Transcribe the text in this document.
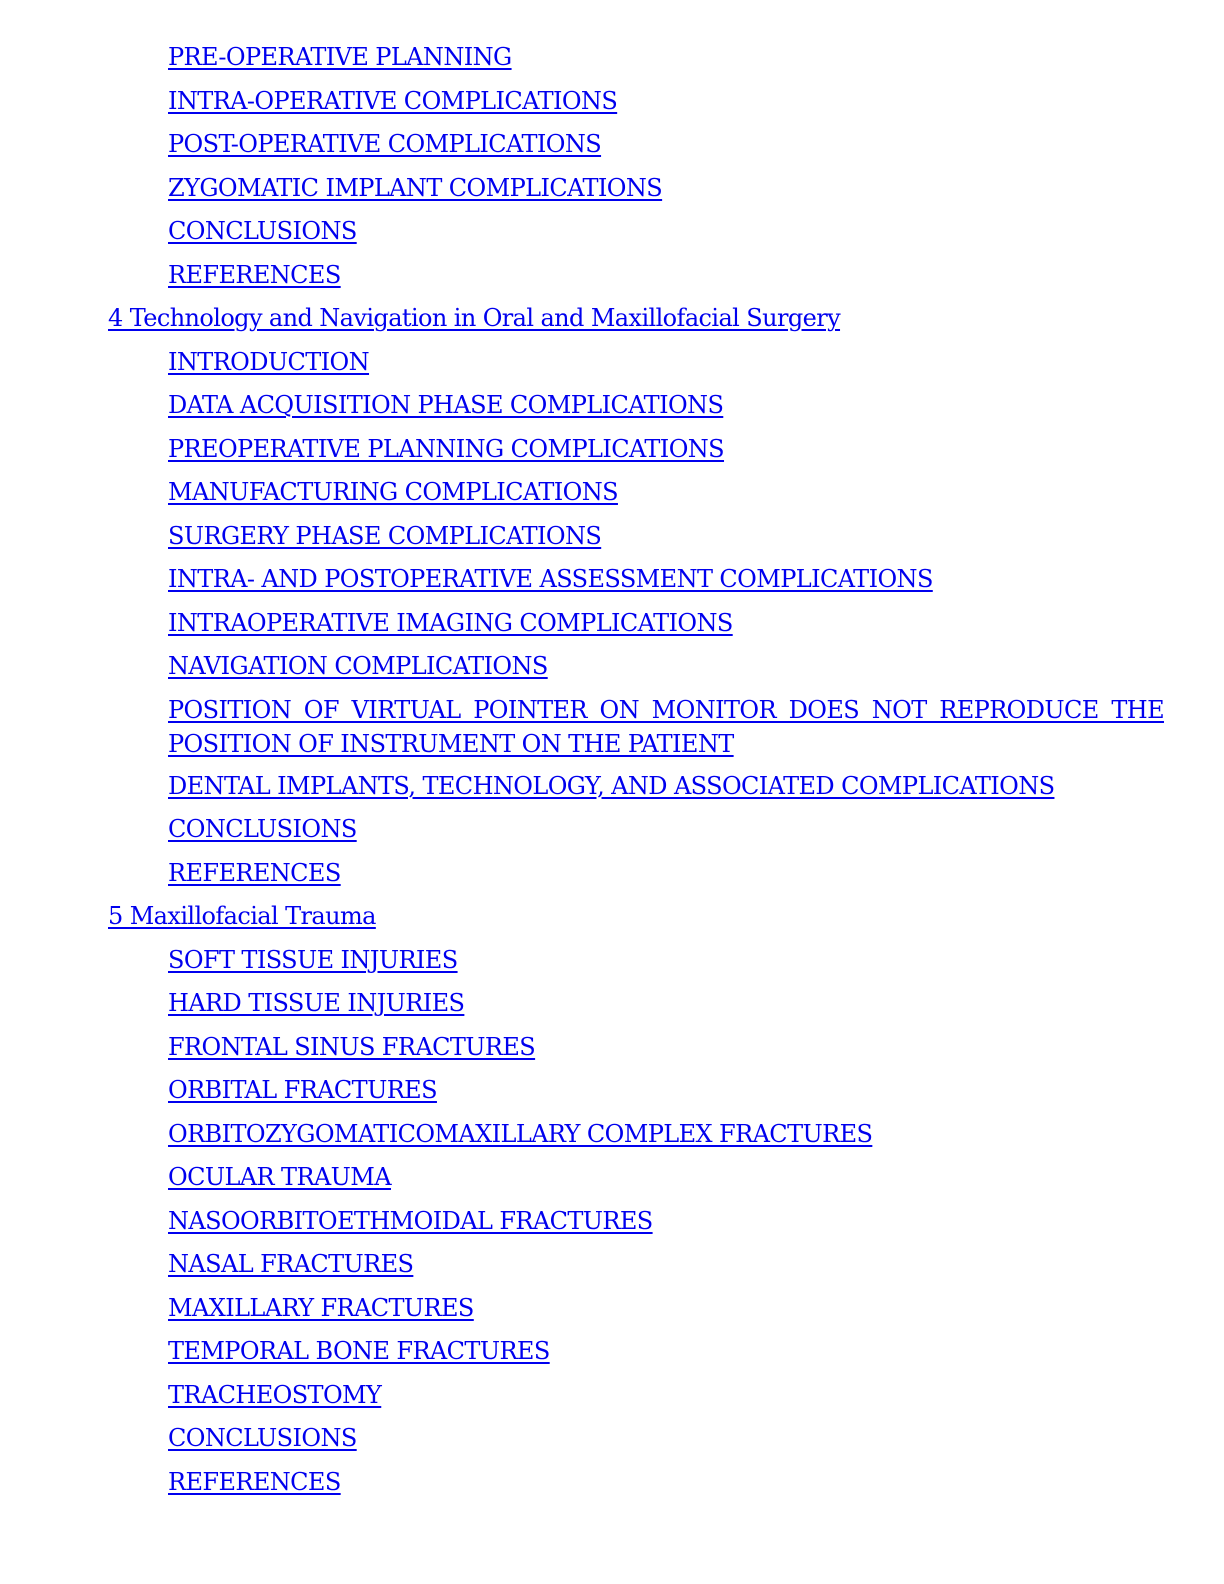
PRE-OPERATIVE PLANNING
INTRA-OPERATIVE COMPLICATIONS
POST-OPERATIVE COMPLICATIONS
ZYGOMATIC IMPLANT COMPLICATIONS
CONCLUSIONS
REFERENCES
4 Technology and Navigation in Oral and Maxillofacial Surgery
INTRODUCTION
DATA ACQUISITION PHASE COMPLICATIONS
PREOPERATIVE PLANNING COMPLICATIONS
MANUFACTURING COMPLICATIONS
SURGERY PHASE COMPLICATIONS
INTRA- AND POSTOPERATIVE ASSESSMENT COMPLICATIONS
INTRAOPERATIVE IMAGING COMPLICATIONS
NAVIGATION COMPLICATIONS
POSITION OF VIRTUAL POINTER ON MONITOR DOES NOT REPRODUCE THE POSITION OF INSTRUMENT ON THE PATIENT
DENTAL IMPLANTS, TECHNOLOGY, AND ASSOCIATED COMPLICATIONS
CONCLUSIONS
REFERENCES
5 Maxillofacial Trauma
SOFT TISSUE INJURIES
HARD TISSUE INJURIES
FRONTAL SINUS FRACTURES
ORBITAL FRACTURES
ORBITOZYGOMATICOMAXILLARY COMPLEX FRACTURES
OCULAR TRAUMA
NASOORBITOETHMOIDAL FRACTURES
NASAL FRACTURES
MAXILLARY FRACTURES
TEMPORAL BONE FRACTURES
TRACHEOSTOMY
CONCLUSIONS
REFERENCES
